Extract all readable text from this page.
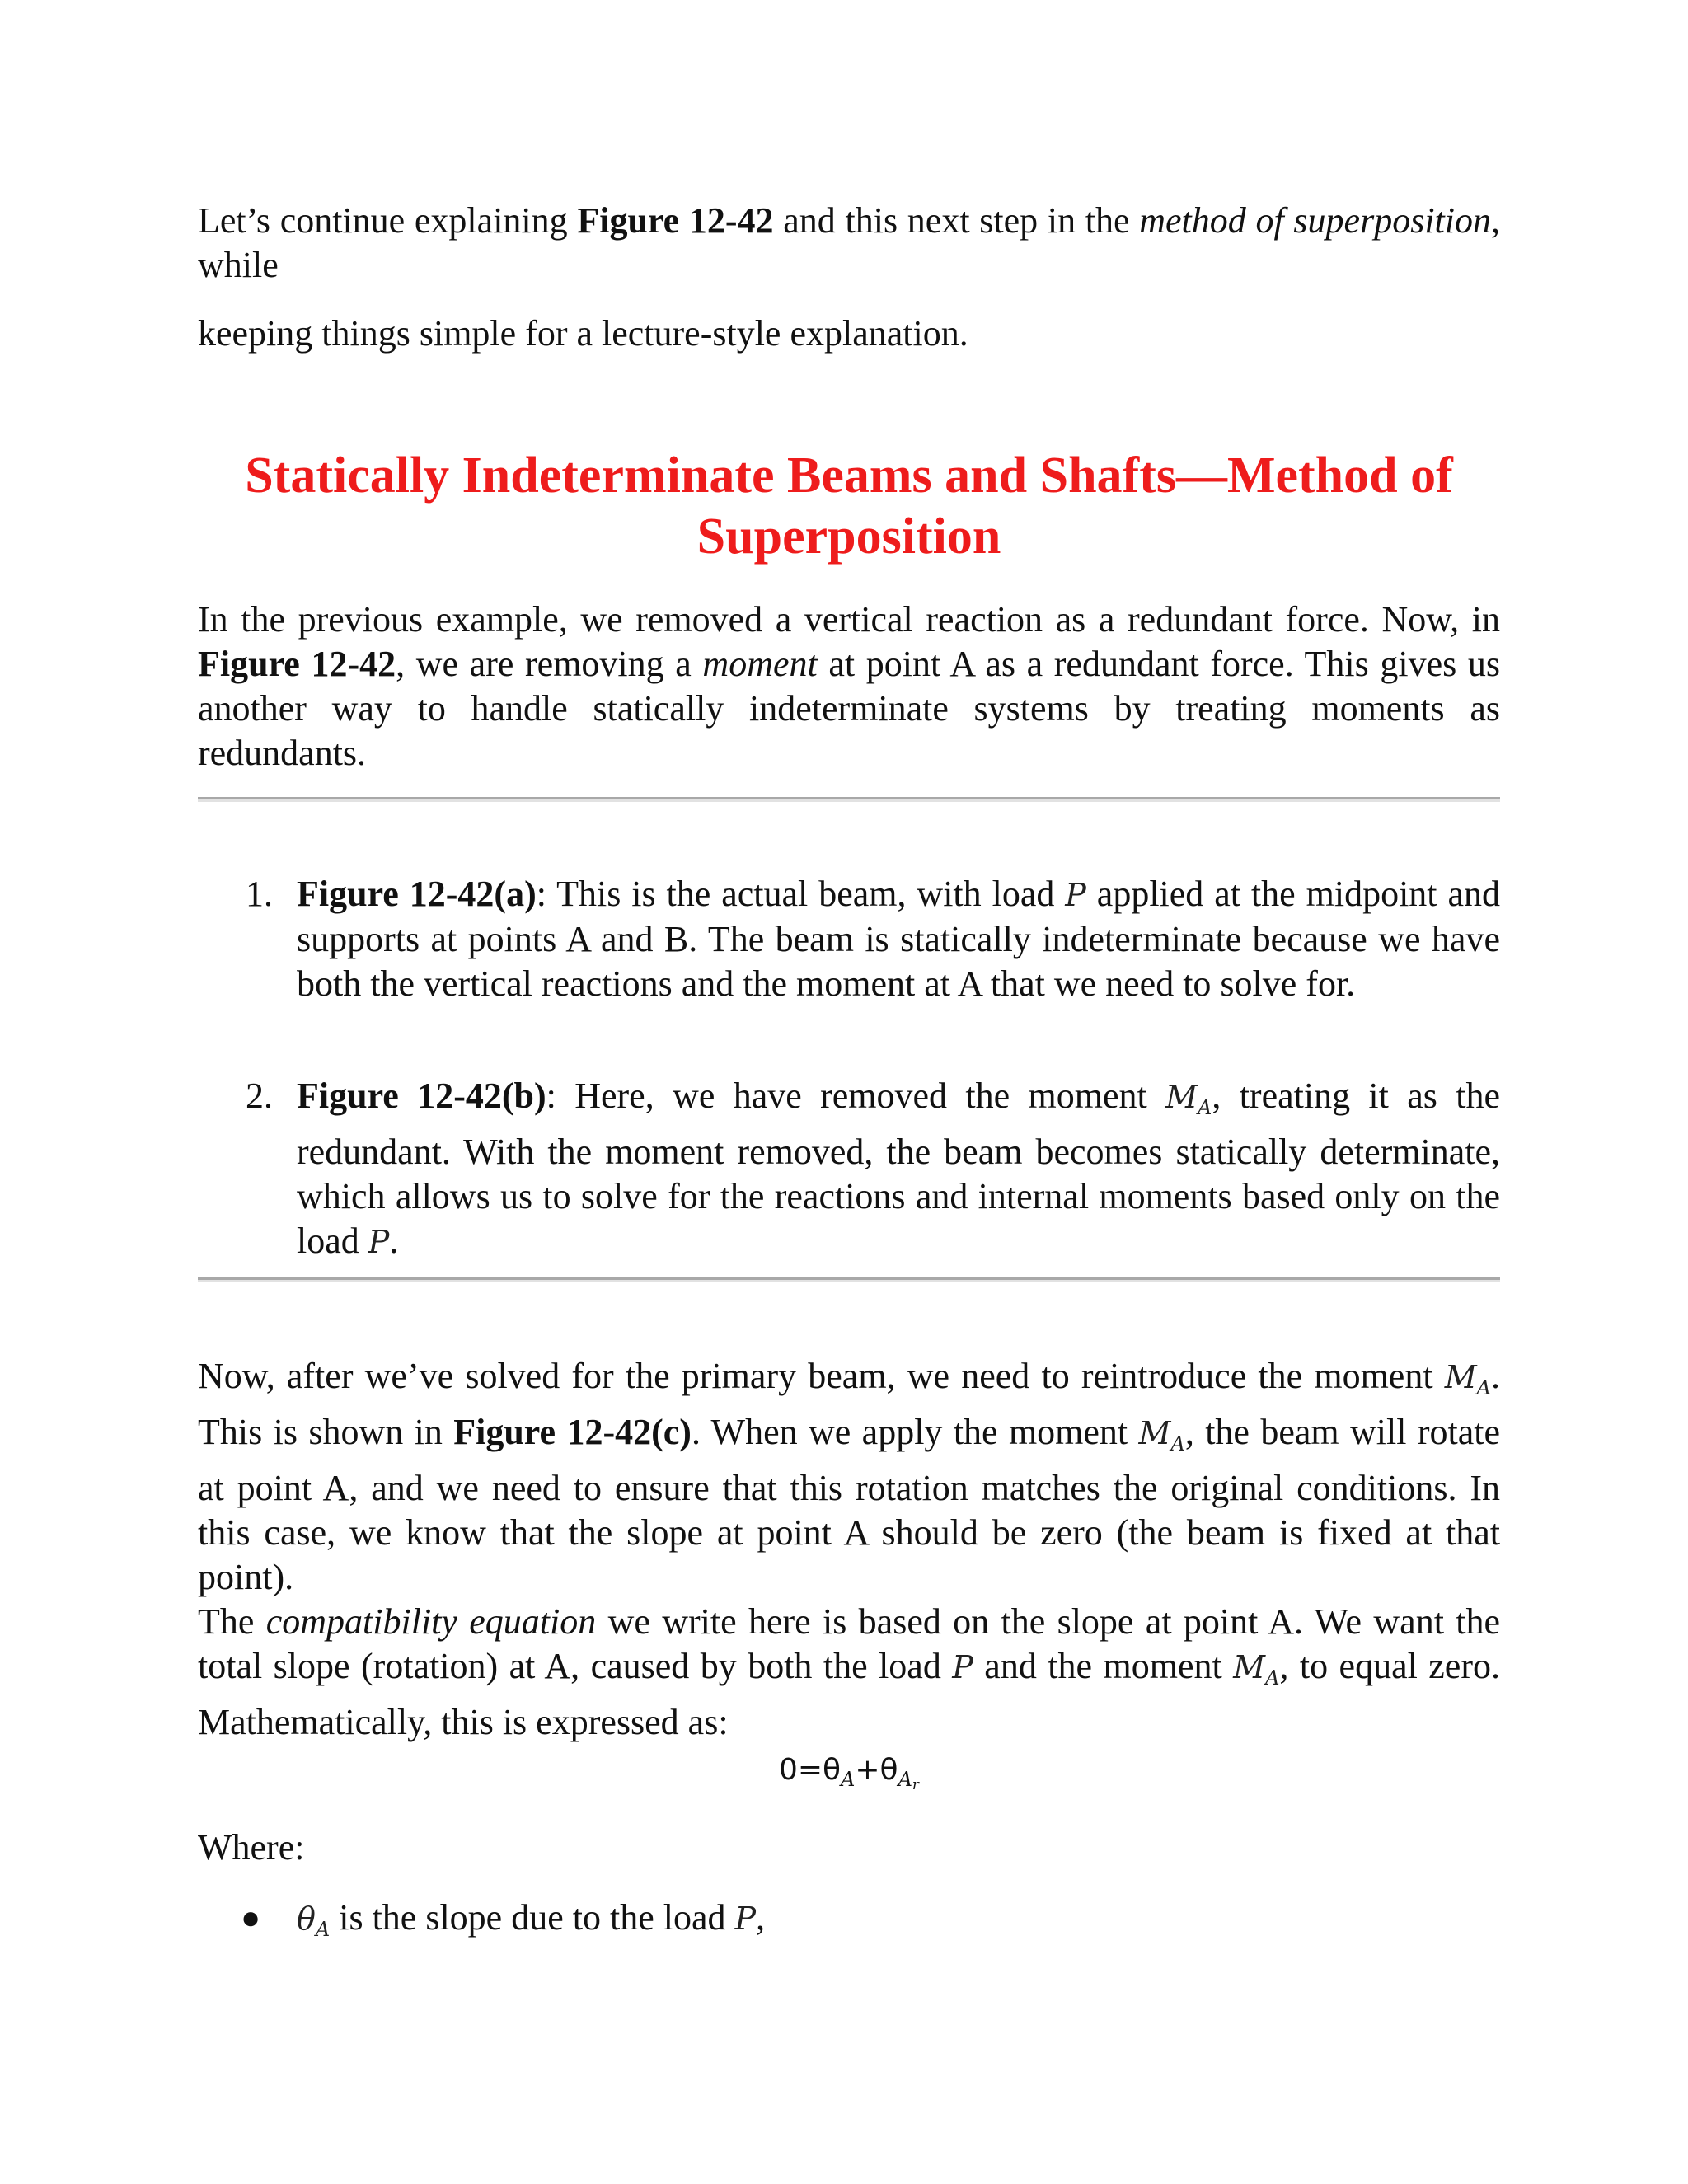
Let’s continue explaining Figure 12-42 and this next step in the method of superposition, while

keeping things simple for a lecture-style explanation.

Statically Indeterminate Beams and Shafts—Method of Superposition

In the previous example, we removed a vertical reaction as a redundant force. Now, in Figure 12-42, we are removing a moment at point A as a redundant force. This gives us another way to handle statically indeterminate systems by treating moments as redundants.

1. Figure 12-42(a): This is the actual beam, with load P applied at the midpoint and supports at points A and B. The beam is statically indeterminate because we have both the vertical reactions and the moment at A that we need to solve for.

2. Figure 12-42(b): Here, we have removed the moment $M_A$, treating it as the redundant. With the moment removed, the beam becomes statically determinate, which allows us to solve for the reactions and internal moments based only on the load P.

Now, after we’ve solved for the primary beam, we need to reintroduce the moment $M_A$. This is shown in Figure 12-42(c). When we apply the moment $M_A$, the beam will rotate at point A, and we need to ensure that this rotation matches the original conditions. In this case, we know that the slope at point A should be zero (the beam is fixed at that point).

The compatibility equation we write here is based on the slope at point A. We want the total slope (rotation) at A, caused by both the load P and the moment $M_A$, to equal zero. Mathematically, this is expressed as:

$0=\theta_A+\theta_{Ar}$

Where:

● $\theta_A$ is the slope due to the load P,
